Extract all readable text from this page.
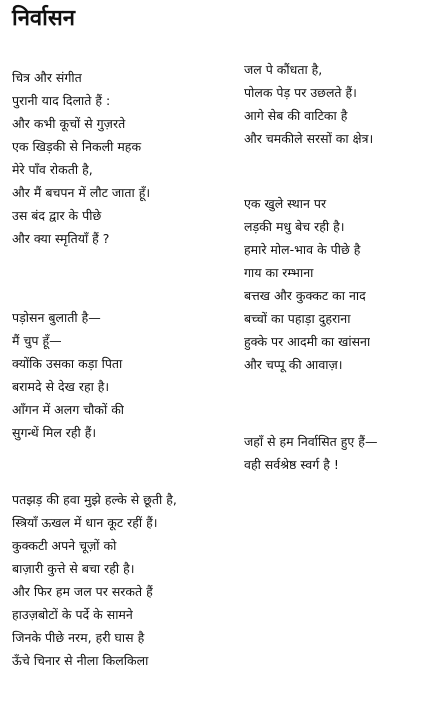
निर्वासन
चित्र और संगीत
पुरानी याद दिलाते हैं :
और कभी कूचों से गुज़रते
एक खिड़की से निकली महक
मेरे पाँव रोकती है,
और मैं बचपन में लौट जाता हूँ।
उस बंद द्वार के पीछे
और क्या स्मृतियाँ हैं ?
पड़ोसन बुलाती है—
मैं चुप हूँ—
क्योंकि उसका कड़ा पिता
बरामदे से देख रहा है।
आँगन में अलग चौकों की
सुगन्धें मिल रही हैं।
पतझड़ की हवा मुझे हल्के से छूती है,
स्त्रियाँ ऊखल में धान कूट रहीं हैं।
कुक्कटी अपने चूज़ों को
बाज़ारी कुत्ते से बचा रही है।
और फिर हम जल पर सरकते हैं
हाउज़बोटों के पर्दे के सामने
जिनके पीछे नरम, हरी घास है
ऊँचे चिनार से नीला किलकिला
जल पे कौंधता है,
पोलक पेड़ पर उछलते हैं।
आगे सेब की वाटिका है
और चमकीले सरसों का क्षेत्र।
एक खुले स्थान पर
लड़की मधु बेच रही है।
हमारे मोल-भाव के पीछे है
गाय का रम्भाना
बत्तख और कुक्कट का नाद
बच्चों का पहाड़ा दुहराना
हुक्के पर आदमी का खांसना
और चप्पू की आवाज़।
जहाँ से हम निर्वासित हुए हैं—
वही सर्वश्रेष्ठ स्वर्ग है !
